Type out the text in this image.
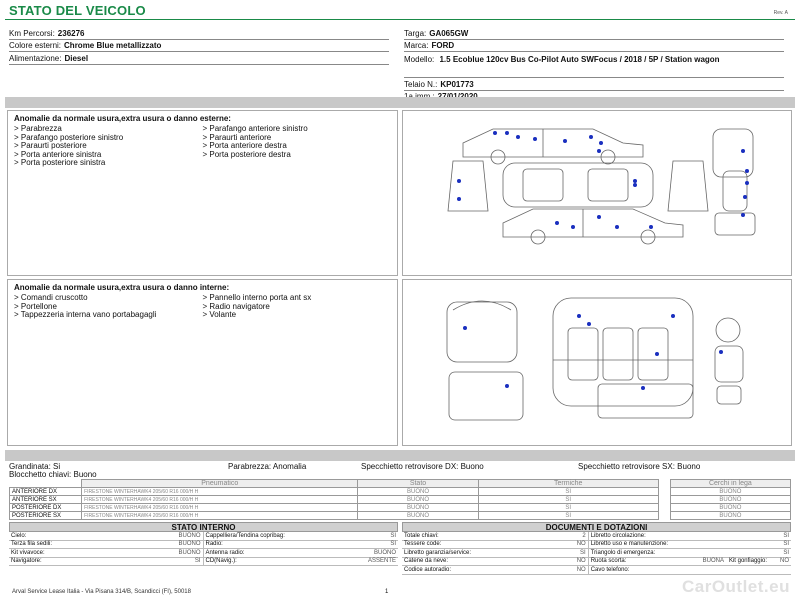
STATO DEL VEICOLO	Rev. A
Km Percorsi: 236276
Colore esterni: Chrome Blue metallizzato
Alimentazione: Diesel
Targa: GA065GW
Marca: FORD
Modello: 1.5 Ecoblue 120cv Bus Co-Pilot Auto SWFocus / 2018 / 5P / Station wagon
Telaio N.: KP01773
Anomalie da normale usura,extra usura o danno esterne:
> Parabrezza
> Parafango posteriore sinistro
> Paraurti posteriore
> Porta anteriore sinistra
> Porta posteriore sinistra
> Parafango anteriore sinistro
> Paraurti anteriore
> Porta anteriore destra
> Porta posteriore destra
Anomalie da normale usura,extra usura o danno interne:
> Comandi cruscotto
> Portellone
> Tappezzeria interna vano portabagagli
> Pannello interno porta ant sx
> Radio navigatore
> Volante
Grandinata: Si	Parabrezza: Anomalia	Specchietto retrovisore DX: Buono	Specchietto retrovisore SX: Buono
Blocchetto chiavi: Buono
	Pneumatico	Stato	Termiche		Cerchi in lega
ANTERIORE DX	FIRESTONE WINTERHAWK4 205/60 R16 000/H H	BUONO	SI		BUONO
ANTERIORE SX	FIRESTONE WINTERHAWK4 205/60 R16 000/H H	BUONO	SI		BUONO
POSTERIORE DX	FIRESTONE WINTERHAWK4 205/60 R16 000/H H	BUONO	SI		BUONO
POSTERIORE SX	FIRESTONE WINTERHAWK4 205/60 R16 000/H H	BUONO	SI		BUONO
STATO INTERNO
Cielo:	BUONO
Terza fila sedili:	BUONO
Kit vivavoce:	BUONO
Navigatore:	SI
Cappelliera/Tendina copribag:	SI
Radio:	SI
Antenna radio:	BUONO
CD(Navig.):	ASSENTE
DOCUMENTI E DOTAZIONI
Totale chiavi:	2
Tessere code:	NO
Libretto garanzia/service:	SI
Catene da neve:	NO
Codice autoradio:	NO
Libretto circolazione:	SI
Libretto uso e manutenzione:	SI
Triangolo di emergenza:	SI
Ruota scorta:	BUONA Kit gonfiaggio:	NO
Cavo telefono:
Arval Service Lease Italia - Via Pisana 314/B, Scandicci (FI), 50018	1	CarOutlet.eu
